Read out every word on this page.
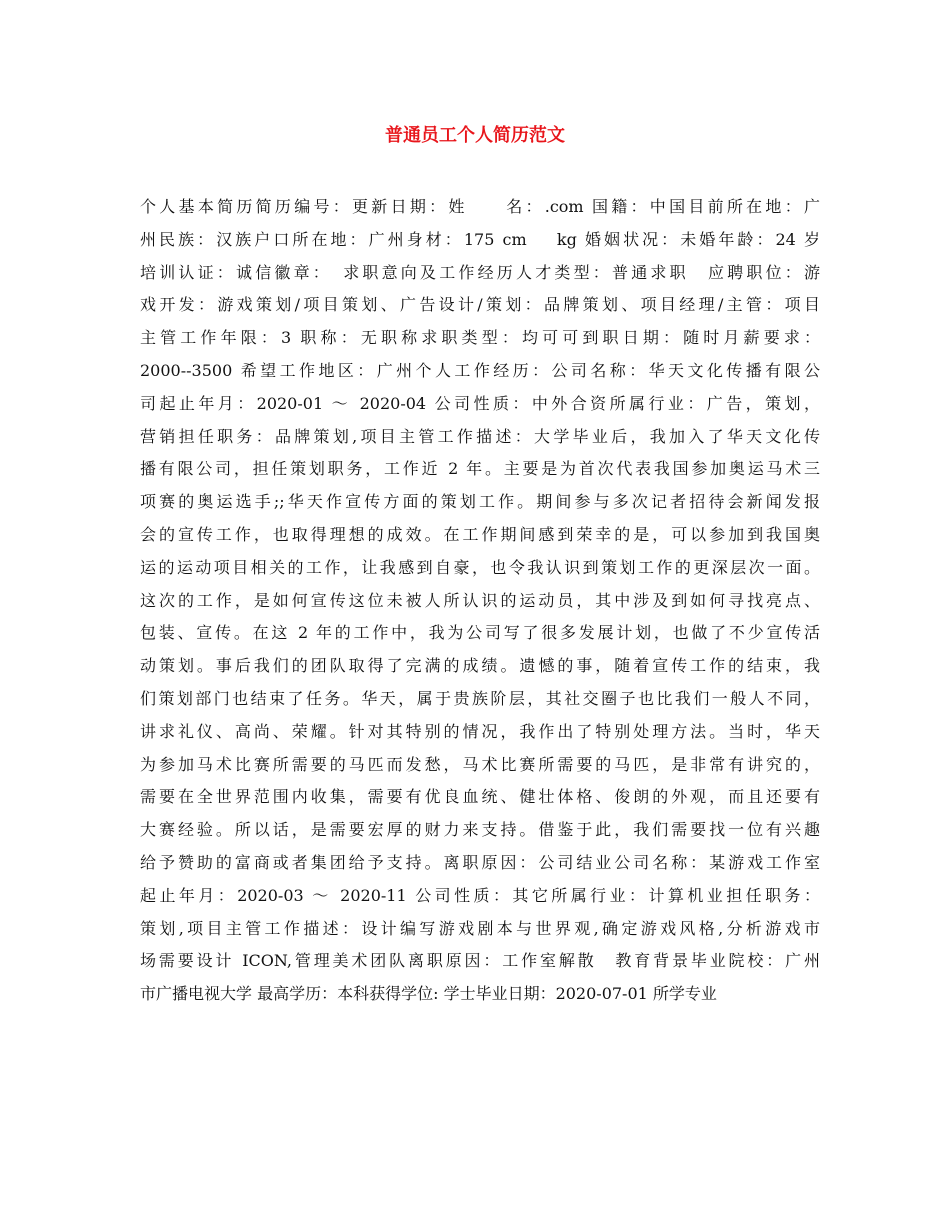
普通员工个人简历范文
个人基本简历简历编号：更新日期：姓　　名：.com 国籍：中国目前所在地：广
州民族：汉族户口所在地：广州身材：175 cm　 kg 婚姻状况：未婚年龄：24 岁
培训认证：诚信徽章：　求职意向及工作经历人才类型：普通求职　应聘职位：游
戏开发：游戏策划/项目策划、广告设计/策划：品牌策划、项目经理/主管：项目
主管工作年限：3 职称：无职称求职类型：均可可到职日期：随时月薪要求：
2000--3500 希望工作地区：广州个人工作经历：公司名称：华天文化传播有限公
司起止年月：2020-01 ～ 2020-04 公司性质：中外合资所属行业：广告，策划，
营销担任职务：品牌策划,项目主管工作描述：大学毕业后，我加入了华天文化传
播有限公司，担任策划职务，工作近 2 年。主要是为首次代表我国参加奥运马术三
项赛的奥运选手;;华天作宣传方面的策划工作。期间参与多次记者招待会新闻发报
会的宣传工作，也取得理想的成效。在工作期间感到荣幸的是，可以参加到我国奥
运的运动项目相关的工作，让我感到自豪，也令我认识到策划工作的更深层次一面。
这次的工作，是如何宣传这位未被人所认识的运动员，其中涉及到如何寻找亮点、
包装、宣传。在这 2 年的工作中，我为公司写了很多发展计划，也做了不少宣传活
动策划。事后我们的团队取得了完满的成绩。遗憾的事，随着宣传工作的结束，我
们策划部门也结束了任务。华天，属于贵族阶层，其社交圈子也比我们一般人不同，
讲求礼仪、高尚、荣耀。针对其特别的情况，我作出了特别处理方法。当时，华天
为参加马术比赛所需要的马匹而发愁，马术比赛所需要的马匹，是非常有讲究的，
需要在全世界范围内收集，需要有优良血统、健壮体格、俊朗的外观，而且还要有
大赛经验。所以话，是需要宏厚的财力来支持。借鉴于此，我们需要找一位有兴趣
给予赞助的富商或者集团给予支持。离职原因：公司结业公司名称：某游戏工作室
起止年月：2020-03 ～ 2020-11 公司性质：其它所属行业：计算机业担任职务：
策划,项目主管工作描述：设计编写游戏剧本与世界观,确定游戏风格,分析游戏市
场需要设计 ICON,管理美术团队离职原因：工作室解散　教育背景毕业院校：广州
市广播电视大学 最高学历：本科获得学位: 学士毕业日期：2020-07-01 所学专业
